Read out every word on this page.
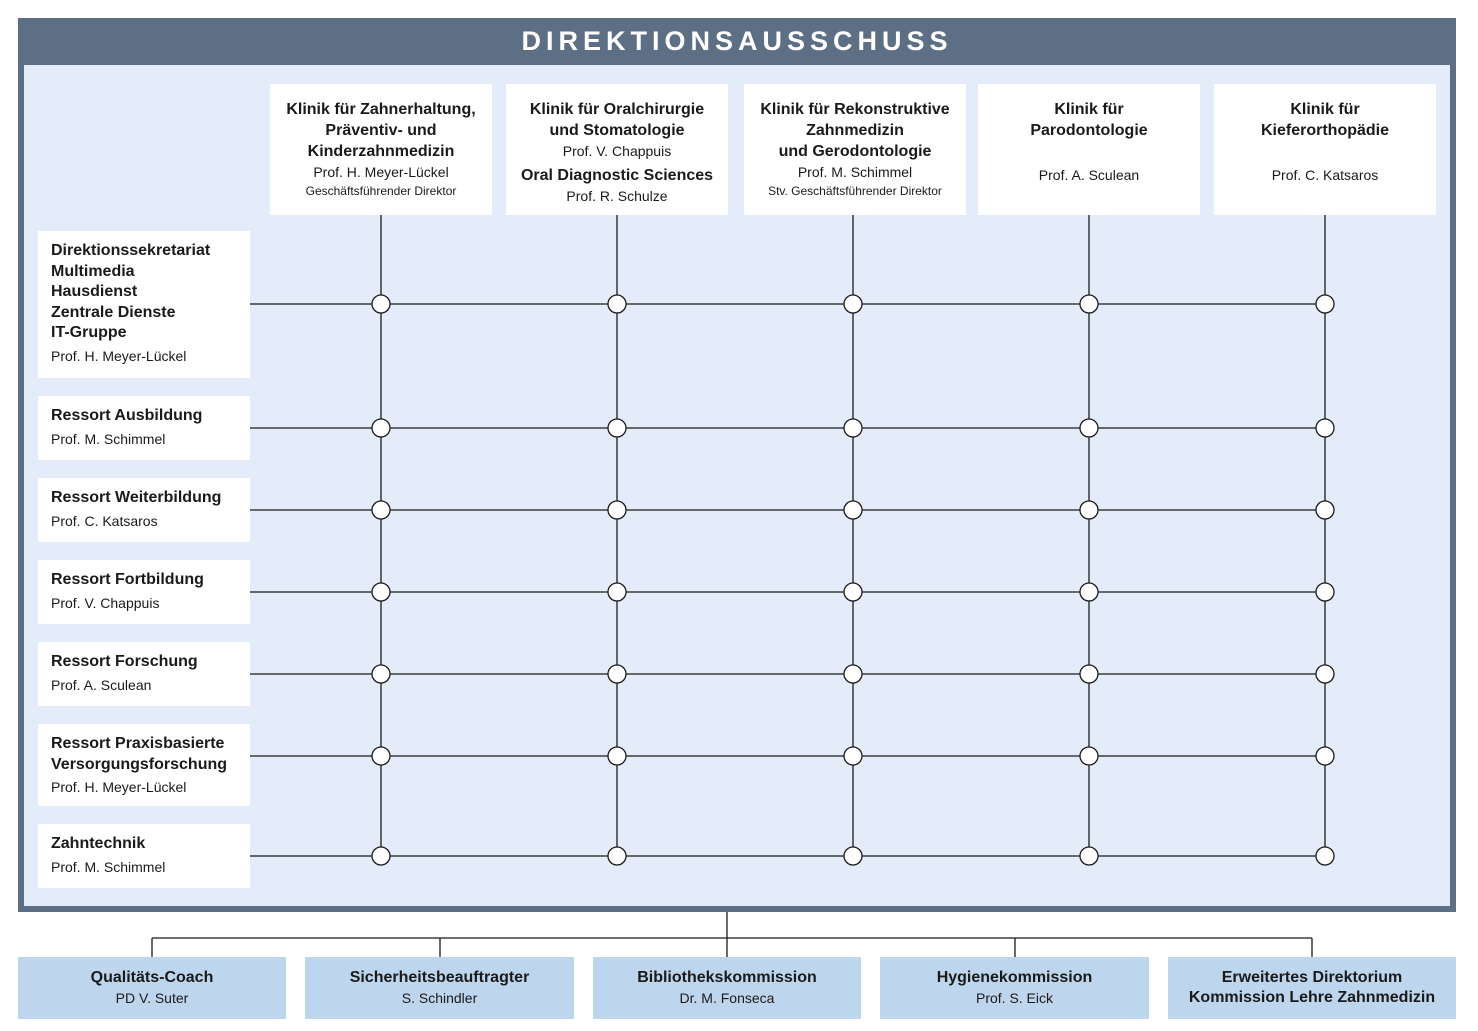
DIREKTIONSAUSSCHUSS
Klinik für Zahnerhaltung,
Präventiv- und
Kinderzahnmedizin
Prof. H. Meyer-Lückel
Geschäftsführender Direktor
Klinik für Oralchirurgie
und Stomatologie
Prof. V. Chappuis
Oral Diagnostic Sciences
Prof. R. Schulze
Klinik für Rekonstruktive
Zahnmedizin
und Gerodontologie
Prof. M. Schimmel
Stv. Geschäftsführender Direktor
Klinik für
Parodontologie
Prof. A. Sculean
Klinik für
Kieferorthopädie
Prof. C. Katsaros
Direktionssekretariat
Multimedia
Hausdienst
Zentrale Dienste
IT-Gruppe
Prof. H. Meyer-Lückel
Ressort Ausbildung
Prof. M. Schimmel
Ressort Weiterbildung
Prof. C. Katsaros
Ressort Fortbildung
Prof. V. Chappuis
Ressort Forschung
Prof. A. Sculean
Ressort Praxisbasierte
Versorgungsforschung
Prof. H. Meyer-Lückel
Zahntechnik
Prof. M. Schimmel
Qualitäts-Coach
PD V. Suter
Sicherheitsbeauftragter
S. Schindler
Bibliothekskommission
Dr. M. Fonseca
Hygienekommission
Prof. S. Eick
Erweitertes Direktorium
Kommission Lehre Zahnmedizin
